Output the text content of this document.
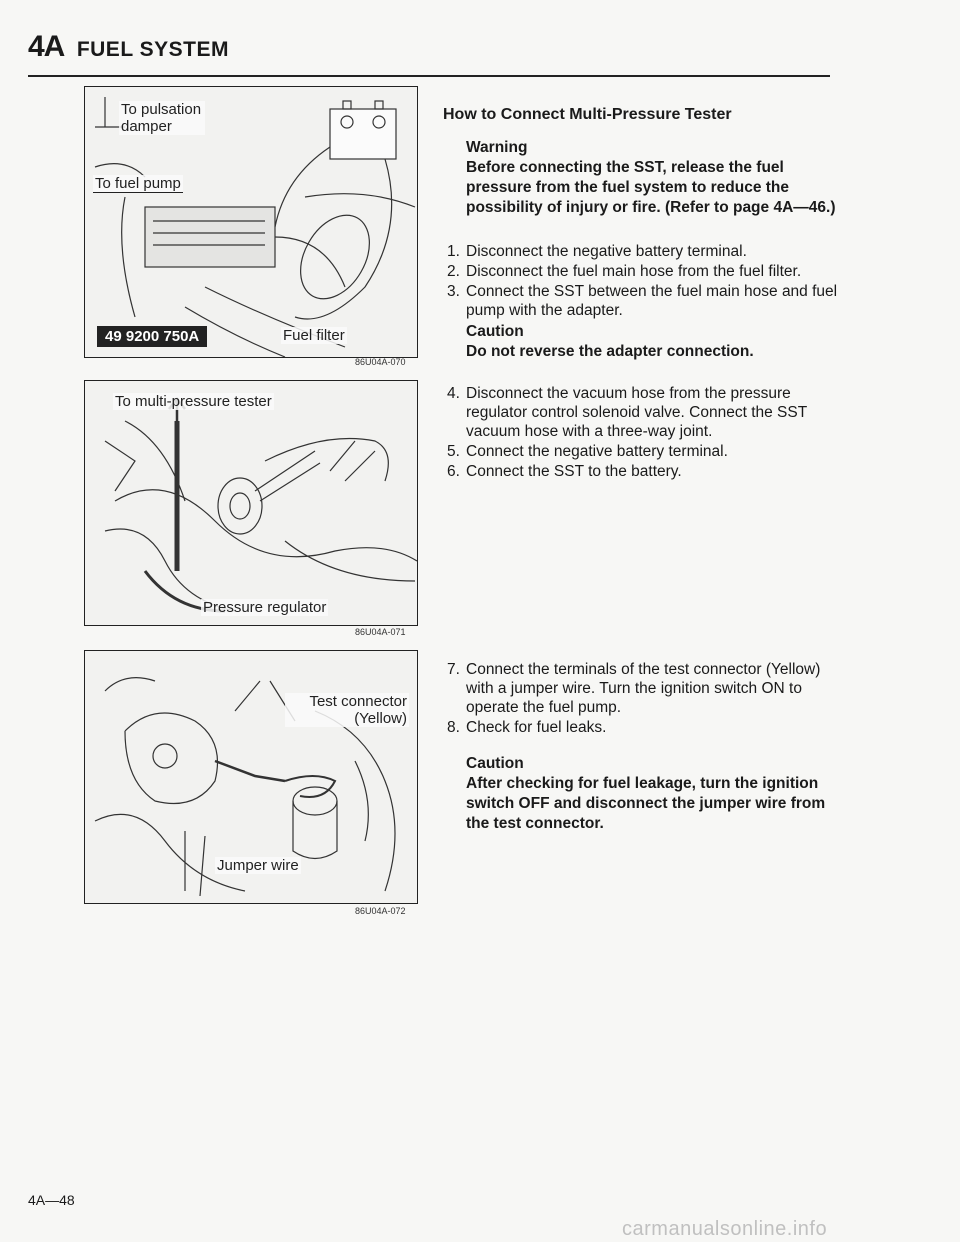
4A FUEL SYSTEM
To pulsation damper
To fuel pump
Fuel filter
49 9200 750A
86U04A-070
To multi-pressure tester
Pressure regulator
86U04A-071
Test connector (Yellow)
Jumper wire
86U04A-072
How to Connect Multi-Pressure Tester
Warning
Before connecting the SST, release the fuel pressure from the fuel system to reduce the possibility of injury or fire. (Refer to page 4A—46.)
1. Disconnect the negative battery terminal.
2. Disconnect the fuel main hose from the fuel filter.
3. Connect the SST between the fuel main hose and fuel pump with the adapter.
Caution
Do not reverse the adapter connection.
4. Disconnect the vacuum hose from the pressure regulator control solenoid valve. Connect the SST vacuum hose with a three-way joint.
5. Connect the negative battery terminal.
6. Connect the SST to the battery.
7. Connect the terminals of the test connector (Yellow) with a jumper wire. Turn the ignition switch ON to operate the fuel pump.
8. Check for fuel leaks.
Caution
After checking for fuel leakage, turn the ignition switch OFF and disconnect the jumper wire from the test connector.
4A—48
carmanualsonline.info
